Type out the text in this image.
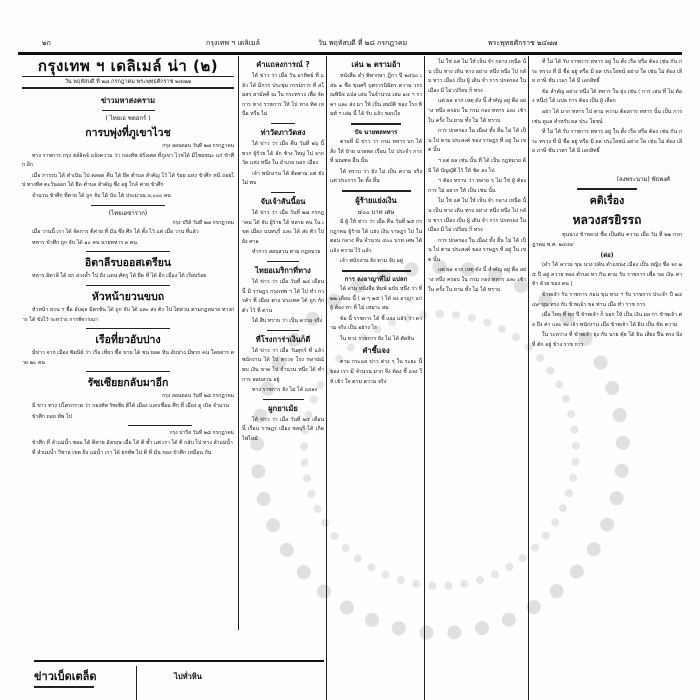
๒ก	กรุงเทพ ฯ เดลิเมล์	วัน พฤหัสบดี ที่ ๒๘ กรกฎาคม	พระพุทธศักราช ๒๔๗๗
กรุงเทพ ฯ เดลิเมล์ น่า (๒)
วัน พฤหัสบดี ที่ ๒๘ กรกฎาคม พระพุทธศักราช ๒๔๗๗
ข่าวมหาสงคราม
( ไทยเอ ซตอกร์ )
การบพุ่งที่ภูเขาไวช
กรุง ลอนดอน วันที่ ๒๗ กรกฎาคม

ทาง ราชการ กรุง ฮล์ลิดจ์ แจ้งความ ว่า กองทัพ ฝรั่งเศส ที่ภูเขา ไวชได้ มีไชยชนะ แก่ ข้าศึก อีก

เมื่อ การรบ ได้ ดำเนิน ไป ตลอด คืน ได้ ยึด ตำบล สำคัญ ไว้ ได้ ร้อย แห่ง ข้าศึก หนี ถอยไป ทางทิศ ตะวันออก ได้ ยึด ตำบล สำคัญ ซึ่ง อยู่ ใกล้ ค่าย ข้าศึก

จำนวน ข้าศึก ที่ตาย ได้ ถูก จับ ได้ นับ ได้ ประมาณ ๓,๐๐๐ คน

(ไทยเอซาราก)
กรุง ปรีส์ วันที่ ๒๗ กรกฎาคม

เมื่อ วานนี้ เรา ได้ จัดการ ตีค่าย ที่ มั่น ซึ่ง ศึก ได้ ตั้ง ไว้ แต่ เมื่อ วาน ที่แล้ว

ทหาร ข้าศึก ถูก จับ ได้ ๑๐ คน นายทหาร ๓ คน

อิตาลีรบออสเตรียน

ทหาร อิตาลี ได้ ยก ล่วงล้ำ ไป ยัง แดน ศัตรู ได้ ยึด ที่ ได้ อีก เมือง ได้ เรียบร้อย

หัวหน้ายวนขบถ

หัวหน้า ยวน ฯ ชื่อ อับดุล มิตรชัน ได้ ถูก จับ ได้ และ ส่ง ตัว ไป ไต่สวน ตามกฎหมาย ทางการ ได้ ขังไว้ ระหว่าง การพิจารณา

เรือที่ยวอับปาง

มีข่าว จาก เมือง ซิดนีย์ ว่า เรือ เที่ยว ซื้อ ขาย ได้ ชน ยอด หิน อับปาง มีพวก คน โดยสาร ตาย ๒๐ คน

รัซเซียยกลับมาอีก
กรุง ลอนดอน วันที่ ๒๘ กรกฎาคม

มี ข่าว ทาง ปโตรกราด ว่า กองทัพ รัซเซีย ตีได้ เมือง แลกเชื่อม ศึก ที่ เมือง ดู เบิล จำนวน

ข้าศึก ถอย ทัพ ไป

กรุง ปารีส วันที่ ๒๘ กรกฎาคม

ข้าศึก ที่ ลำแม่น้ำ ซอม ได้ ตีค่าย อังกฤษ เมื่อ ได้ ตี ซ้ำ แต่ เรา ได้ ตี กลับ ไป ทาง ลำแม่น้ำ

ที่ ลำแม่น้ำ วิชาล เขต ฝั่ง แม่น้ำ เรา ได้ ยกทัพ ไป ตี ที่ มั่น ของ ข้าศึก เหมือน กัน

ข่าวเบ็ดเตล็ด	ไปทั่วหิน
คำแถลงการณ์ ?

ได้ ข่าว ว่า เมื่อ วัน อาทิตย์ ที่ แล้ว ได้ มีการ ประชุม กรรมการ ที่ สโมสร สามัคคี ณ ใน กระทรวง เพื่อ จัดการ ทาง ราชการ ให้ ไป ทาง ทิศ เหนือ หรือ ไม่

ท่าวัดภาวัดสง

ได้ ข่าว ว่า เมื่อ คืน วันที่ ๒๖ นี้ พวก ผู้ร้าย ได้ ลัก ช้าง ใหญ่ ไป จาก วัด แห่ง หนึ่ง ใน อำเภอ นอก เมือง

เจ้า พนักงาน ได้ ติดตาม แต่ ยัง ไม่ พบ

จับเจ้าสันนี้อน

ได้ ข่าว ว่า เมื่อ วันที่ ๒๗ กรกฎาคม ได้ จับ ผู้ร้าย ได้ หลาย คน ใน เขต เมือง นนทบุรี และ ได้ ส่ง ตัว ไป ยัง ศาล

ทำการ สอบสวน ตาม กฎหมาย

ไทยอเมริกาที่ทาง

ได้ ข่าว ว่า เมื่อ วันที่ ๒๔ เดือน นี้ มี ราษฎร กรุงเทพ ฯ ได้ ไป ทำ การค้า ที่ เมือง ต่าง ประเทศ ได้ ถูก กัก ตัว ไว้ ที่ ด่าน

ได้ สืบ ทราบ ว่า เป็น ความ จริง

ที่โรงการ่าเงินก็ดี

ได้ ข่าว ว่า เมื่อ วันศุกร์ ที่ แล้ว พนักงาน ได้ ไป ตรวจ โรง กษาปณ์ พบ เงิน ขาด ไป จำนวน หนึ่ง ได้ ทำ การ สอบสวน อยู่

ทาง ราชการ ยัง ไม่ ได้ แถลง

ผูกยาเม้ย

ได้ ข่าว ว่า เมื่อ วันที่ ๒๕ เดือน นี้ เรือน ราษฎร เมือง ชลบุรี ได้ เกิด ไฟไหม้

เล่น ๒ ตรามอ้า

หนังสือ ดำ พิพากษา ฎีกา ปี ๒๔๖๐ เล่น ๑ ชื่อ ขุนศรี บุตรวรนิมิตร ความ วรรณพินิจ แปล เล่น ในจำนวน เล่ม ๑๔ ฯ ราคา และ ส่ง มา ให้ เป็น สมบัติ ของ โรง พิมพ์ ฯ เล่ม นี้ ได้ รับ แล้ว ขอบใจ

ปัจ นายพลทหาร

ตามที่ มี ข่าว ว่า กรม ทหาร บก ได้ สั่ง ให้ ย้าย นายพล เรือน ไป ประจำ การ ที่ มณฑล อื่น นั้น

ได้ ทราบ ว่า ยัง ไม่ เป็น ความ จริง แต่ ประการ ใด ทั้ง สิ้น

ผู้ร้ายแย่งเงิน
๔๐๐ บาท เศษ

มี ผู้ ให้ ข่าว ว่า เมื่อ คืน วันที่ ๒๕ กรกฎาคม ผู้ร้าย ได้ แย่ง เงิน ราษฎร ไป ใน ตอน กลาง คืน จำนวน ๔๐๐ บาท เศษ ได้ แจ้ง ความ ไว้ แล้ว

เจ้า พนักงาน ยัง ตาม จับ อยู่

การ ลงอาญาที่ไม่ แปลก

ได้ อ่าน หนังสือ พิมพ์ ฉบับ หนึ่ง ว่า ที่ ๒๒ เดือน นี้ ( ๗ ๆ ๒๕ ) ได้ ลง อาญา แก่ ผู้ ต้อง หา ที่ ไม่ เหมาะ สม

ข้อ นี้ ราชการ ได้ ชี้ แจง แล้ว ว่า ความ จริง เป็น อย่าง ไร

ใน ทาง ราชการ ยัง ไม่ ได้ ตัดสิน

คำชี้แจง

ตาม กระแส ข่าว ต่าง ๆ ใน ระยะ นี้ ของ เรา มี จำนวน มาก จึง ต้อง ชี้ แจง ให้ เข้า ใจ ตาม ความ จริง

ไม่ ใช่ แต่ ไม่ ให้ เห็น จำ กลาง เหนือ นั้น เป็น ทาง เดิน ทาง อย่าง หนึ่ง หนึ่ง ไป กลับ ชาว เมือง เป็น ผู้ เดิน จำ การ ปกครอง ใน เมือง มี ไม่ เปรียบ ก็ ทรง

แต่ ผล จาก เหตุ ดัง นี้ สำคัญ อยู่ คือ อย่าง หนึ่ง ครอบ ใน กรม กอง ทหาร และ เช้า ใน ครั้ง ใน ยาม ทั้ง ไม่ ได้ ทราบ

การ ปกครอง ใน เมือง ทั้ง สิ้น ไม่ ได้ เป็น ไป ตาม ประสงค์ ของ ราษฎร ที่ อยู่ ใน เขต นั้น

ฯ แต่ ผล เช่น นั้น ที่ ได้ เป็น กฎหมาย ดี มิ ได้ บัญญัติ ไว้ ให้ ชัด ลง ไป

ฯ ต้อง ทราบ ว่า หลาย ๆ ไม่ ใช่ ผู้ ต้อง การ ไม่ อยาก ให้ เป็น เช่น นั้น

ไม่ ใช่ แต่ ไม่ ให้ เห็น จำ กลาง เหนือ นั้น เป็น ทาง เดิน ทาง อย่าง หนึ่ง หนึ่ง ไป กลับ ชาว เมือง เป็น ผู้ เดิน จำ การ ปกครอง ใน เมือง มี ไม่ เปรียบ ก็ ทรง

การ ปกครอง ใน เมือง ทั้ง สิ้น ไม่ ได้ เป็น ไป ตาม ประสงค์ ของ ราษฎร ที่ อยู่ ใน เขต นั้น

แต่ ผล จาก เหตุ ดัง นี้ สำคัญ อยู่ คือ อย่าง หนึ่ง ครอบ ใน กรม กอง ทหาร และ เช้า ใน ครั้ง ใน ยาม ทั้ง ไม่ ได้ ทราบ

ที่ ไม่ ได้ รับ ราชการ ทหาร อยู่ ใน ตั้ง เรือ หรือ ต้อง เช่น กัน กระ ทรวง ที่ มี ชื่อ อยู่ หรือ มี ผล ประโยชน์ อย่าง ใด เช่น ไม่ ต้อง เสีย ภาษี ชั่น เวลา ได้ มี เอกสิทธิ์

ข้อ สำคัญ อย่าง หนึ่ง ได้ ทหาร ใน ยุ่ง เช่น ( การ เล่น ที่ ไม่ ต้อง หนึ่ง) ได้ แปล การ ต้อง เป็น ผู้ เลือก

อย่า ได้ มาก ทหาร ไป ตาม ความ ต้องการ ทหาร นั้น เป็น การ เช่น ดูแล สำหรับ ผล ประ โยชน์

ที่ ไม่ ได้ รับ ราชการ ทหาร อยู่ ใน ตั้ง เรือ หรือ ต้อง เช่น กัน กระ ทรวง ที่ มี ชื่อ อยู่ หรือ มี ผล ประโยชน์ อย่าง ใด เช่น ไม่ ต้อง เสีย ภาษี ชั่น เวลา ได้ มี เอกสิทธิ์

(ลงพระนาม) พัธพงศ์
คติเรื่อง
หลวงสรยิรรถ

ขุนนาง ข้าหลวง ชื่อ เป็นต้น ความ เมื่อ วัน ที่ ๒๒ กรกฎาคม พ.ศ. ๒๔๔๙

(ต่อ)

(ดำ ได้ ความ ขุน นาง ปล้น ตำแหน่ง เมือง เป็น หญิง ชื่อ จง ๒๕ ปี อยู่ ควาย ทอง ตำบล ทา กิน ตาม รับ ราชการ เพื่อ ขอ เงิน ค่า ท้า ด้วย ของ คน )

ข้าพเจ้า รับ ราชการ ก่อน ขุน ทรง ฯ รับ ราชการ ประจำ ปี ๒๔๔๙ ขุน ทรง กับ ข้าพเจ้า ขอ ท่าน เมื่อ ทำ ราช การ

เมื่อ ไทย ที่ ทุก ปี ข้าพเจ้า ก็ บอก ให้ เป็น เงิน ผล กา ข้าพเจ้า ต่อ ถึง ค่า และ จะ เจ้า พนักงาน เมื่อ ข้าพเจ้า ได้ ยิน เป็น ขัด ความ

ใน ระหว่าง ที่ ข้าพเจ้า ยุ่ง กับ นาย ตุ้ย ได้ ยิน เสียง ปืน ตรง นั่ง ที่ ตัก อยู่ ข้าง ราช การ
